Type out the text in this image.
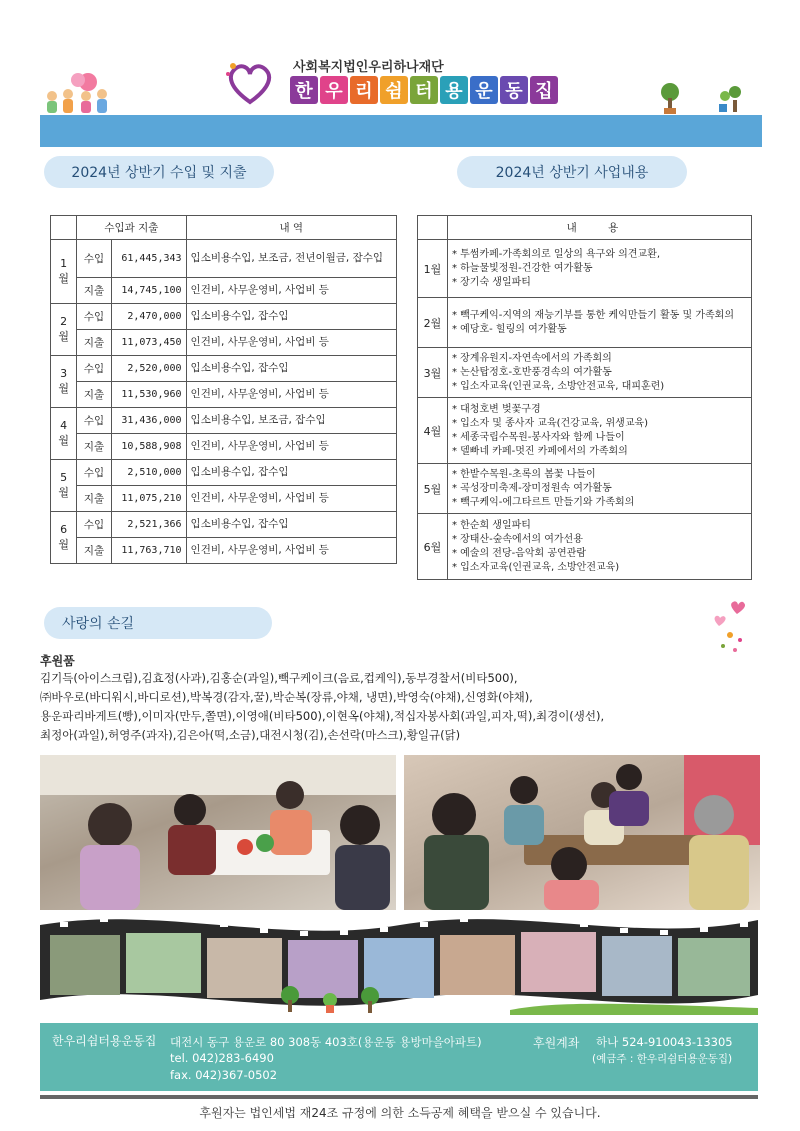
사회복지법인우리하나재단
한 우 리 쉼 터 용 운 동 집
2024년 상반기 수입 및 지출	2024년 상반기 사업내용
	수입과 지출		내 역
1월	수입	61,445,343	입소비용수입, 보조금, 전년이월금, 잡수입
	지출	14,745,100	인건비, 사무운영비, 사업비 등
2월	수입	2,470,000	입소비용수입, 잡수입
	지출	11,073,450	인건비, 사무운영비, 사업비 등
3월	수입	2,520,000	입소비용수입, 잡수입
	지출	11,530,960	인건비, 사무운영비, 사업비 등
4월	수입	31,436,000	입소비용수입, 보조금, 잡수입
	지출	10,588,908	인건비, 사무운영비, 사업비 등
5월	수입	2,510,000	입소비용수입, 잡수입
	지출	11,075,210	인건비, 사무운영비, 사업비 등
6월	수입	2,521,366	입소비용수입, 잡수입
	지출	11,763,710	인건비, 사무운영비, 사업비 등
	내 용
1월	* 투썸카페-가족회의로 일상의 욕구와 의견교환,
* 하늘물빛정원-건강한 여가활동
* 장기숙 생일파티

2월	* 빽구케익-지역의 재능기부를 통한 케익만들기 활동 및 가족회의
* 예당호- 힐링의 여가활동

3월	* 장계유원지-자연속에서의 가족회의
* 논산탑정호-호반풍경속의 여가활동
* 입소자교육(인권교육, 소방안전교육, 대피훈련)

4월	* 대청호변 벚꽃구경
* 입소자 및 종사자 교육(건강교육, 위생교육)
* 세종국립수목원-봉사자와 함께 나들이
* 델빠네 카페-멋진 카페에서의 가족회의

5월	* 한밭수목원-초록의 봄꽃 나들이
* 곡성장미축제-장미정원속 여가활동
* 빽구케익-에그타르트 만들기와 가족회의

6월	* 한순희 생일파티
* 장태산-숲속에서의 여가선용
* 예술의 전당-음악회 공연관람
* 입소자교육(인권교육, 소방안전교육)
사랑의 손길
후원품
김기득(아이스크림),김효정(사과),김홍순(과일),빽구케이크(음료,컵케익),동부경찰서(비타500),
㈜바우로(바디워시,바디로션),박복경(감자,꿀),박순복(장류,야채, 냉면),박영숙(야채),신영화(야채),
용운파리바게트(빵),이미자(만두,쫄면),이영애(비타500),이현옥(야채),적십자봉사회(과일,피자,떡),최경이(생선),
최정아(과일),허영주(과자),김은아(떡,소금),대전시청(김),손선락(마스크),황일규(닭)
한우리쉼터용운동집 대전시 동구 용운로 80 308동 403호(용운동 용방마을아파트)
tel. 042)283-6490
fax. 042)367-0502
후원계좌 하나 524-910043-13305
(예금주 : 한우리쉼터용운동집)
후원자는 법인세법 재24조 규정에 의한 소득공제 혜택을 받으실 수 있습니다.
